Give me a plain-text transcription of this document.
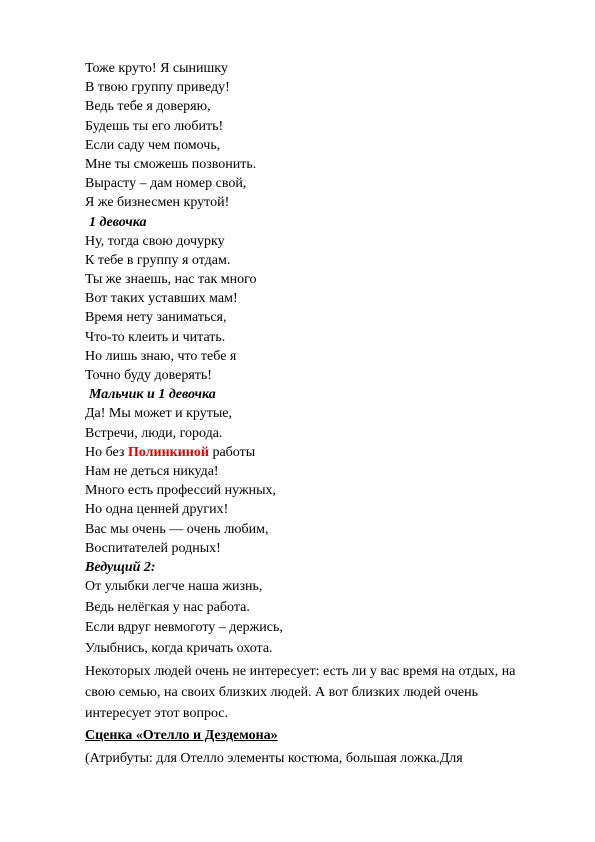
Тоже круто! Я сынишку
В твою группу приведу!
Ведь тебе я доверяю,
Будешь ты его любить!
Если саду чем помочь,
Мне ты сможешь позвонить.
Вырасту – дам номер свой,
Я же бизнесмен крутой!
1 девочка
Ну, тогда свою дочурку
К тебе в группу я отдам.
Ты же знаешь, нас так много
Вот таких уставших мам!
Время нету заниматься,
Что-то клеить и читать.
Но лишь знаю, что тебе я
Точно буду доверять!
Мальчик и 1 девочка
Да! Мы может и крутые,
Встречи, люди, города.
Но без Полинкиной работы
Нам не деться никуда!
Много есть профессий нужных,
Но одна ценней других!
Вас мы очень — очень любим,
Воспитателей родных!
Ведущий 2:
От улыбки легче наша жизнь,
Ведь нелёгкая у нас работа.
Если вдруг невмоготу – держись,
Улыбнись, когда кричать охота.
Некоторых людей очень не интересует: есть ли у вас время на отдых, на свою семью, на своих близких людей. А вот близких людей очень интересует этот вопрос.
Сценка «Отелло и Дездемона»
(Атрибуты: для Отелло элементы костюма, большая ложка.Для
